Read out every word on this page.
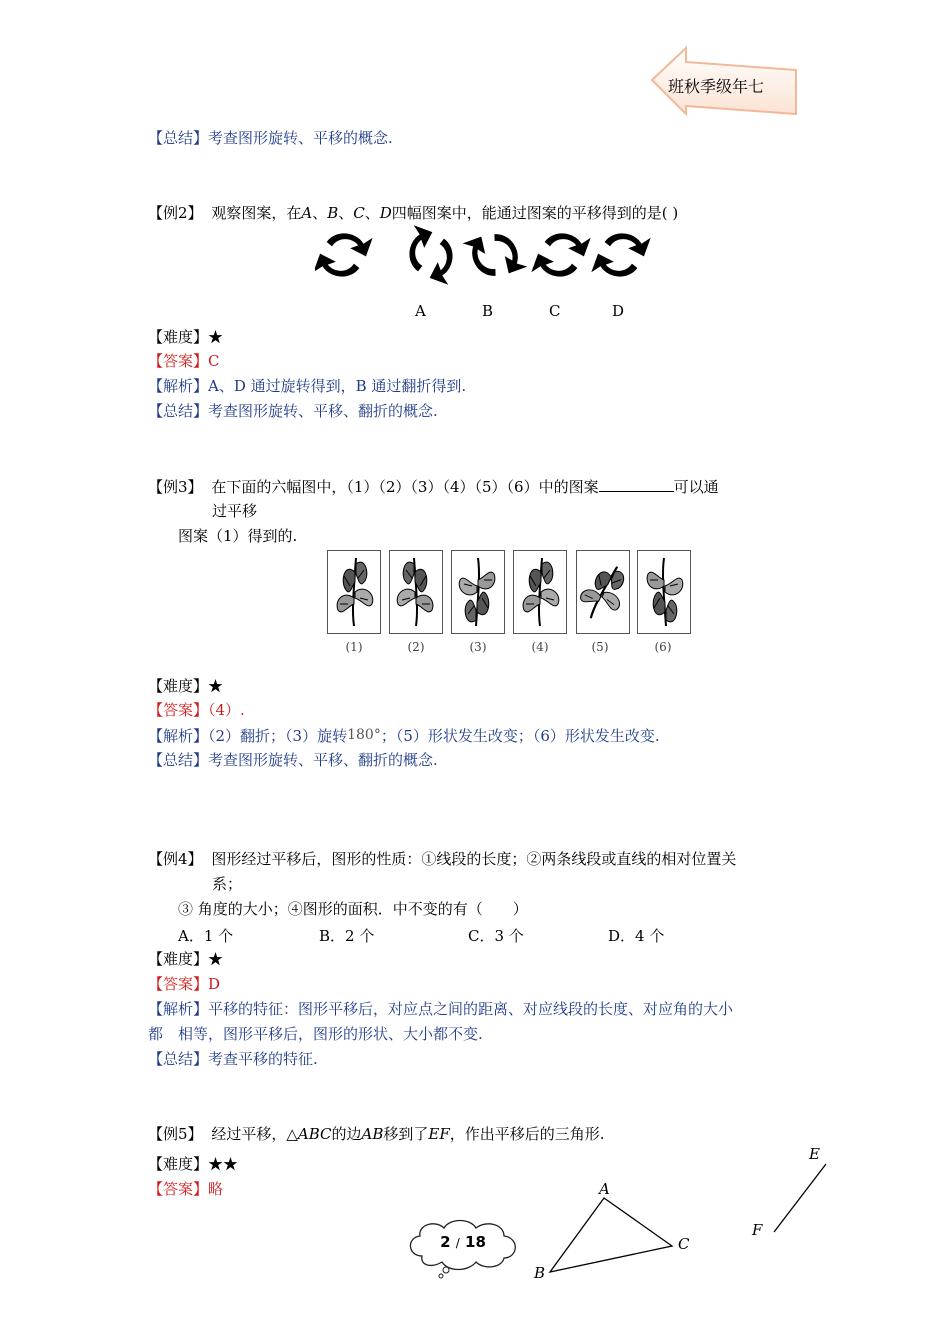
班秋季级年七
【总结】考查图形旋转、平移的概念.
【例2】 观察图案，在A、B、C、D四幅图案中，能通过图案的平移得到的是( )
A	B	C	D
【难度】★
【答案】C
【解析】A、D 通过旋转得到，B 通过翻折得到.
【总结】考查图形旋转、平移、翻折的概念.
【例3】 在下面的六幅图中，（1）（2）（3）（4）（5）（6）中的图案	可以通
过平移
图案（1）得到的.
(1)	(2)	(3)	(4)	(5)	(6)
【难度】★
【答案】（4）.
【解析】（2）翻折；（3）旋转180°；（5）形状发生改变；（6）形状发生改变.
【总结】考查图形旋转、平移、翻折的概念.
【例4】 图形经过平移后，图形的性质：①线段的长度；②两条线段或直线的相对位置关
系；
③ 角度的大小；④图形的面积．中不变的有（　　）
A．1 个	B．2 个	C．3 个	D．4 个
【难度】★
【答案】D
【解析】平移的特征：图形平移后，对应点之间的距离、对应线段的长度、对应角的大小
都　相等，图形平移后，图形的形状、大小都不变.
【总结】考查平移的特征.
【例5】 经过平移，△ABC的边AB移到了EF，作出平移后的三角形.
【难度】★★
【答案】略	A
B
C
E
F
2 / 18
